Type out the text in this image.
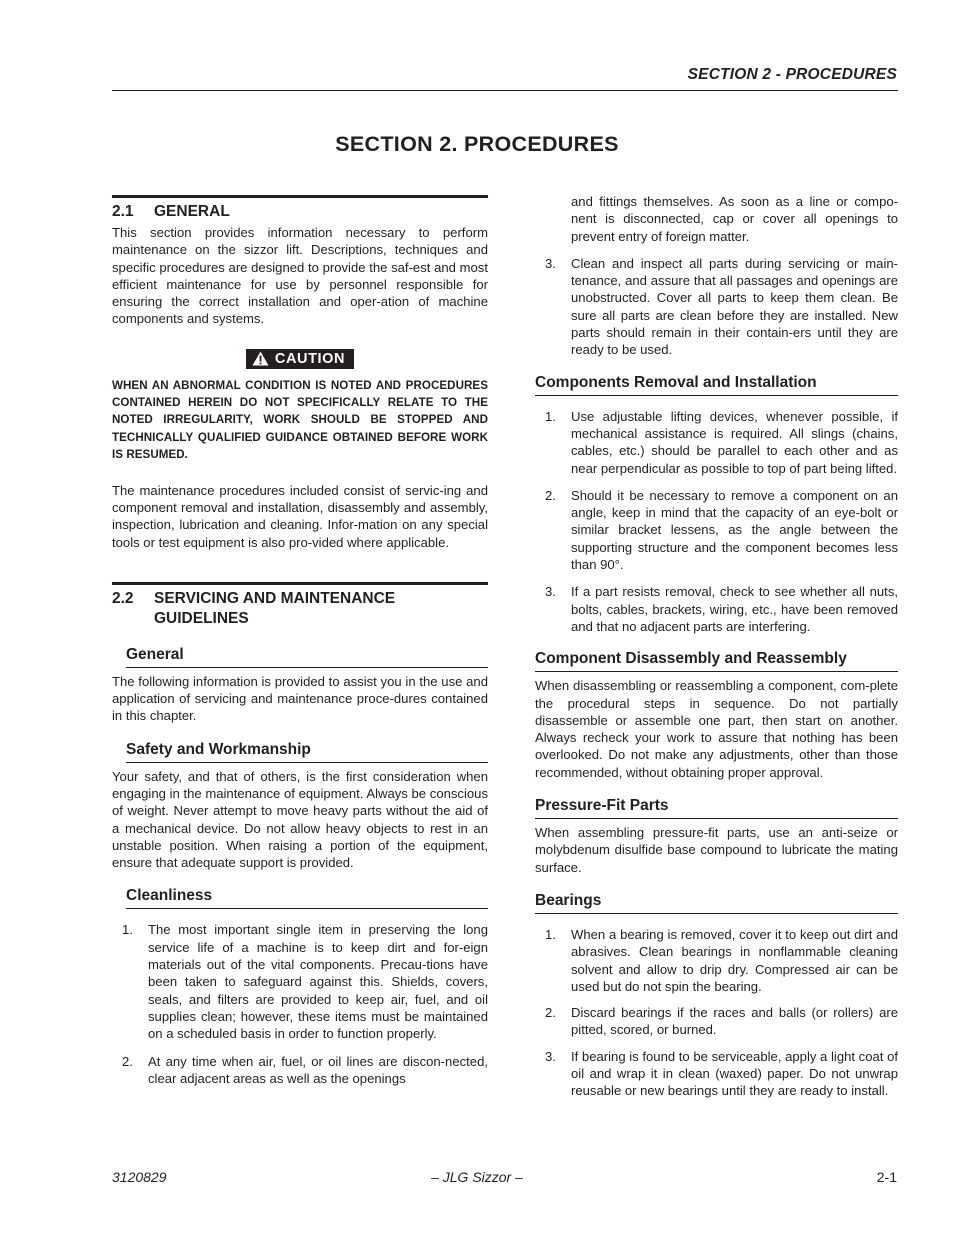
SECTION 2 - PROCEDURES
SECTION 2. PROCEDURES
2.1	GENERAL

This section provides information necessary to perform maintenance on the sizzor lift. Descriptions, techniques and specific procedures are designed to provide the saf-est and most efficient maintenance for use by personnel responsible for ensuring the correct installation and oper-ation of machine components and systems.

CAUTION

WHEN AN ABNORMAL CONDITION IS NOTED AND PROCEDURES CONTAINED HEREIN DO NOT SPECIFICALLY RELATE TO THE NOTED IRREGULARITY, WORK SHOULD BE STOPPED AND TECHNICALLY QUALIFIED GUIDANCE OBTAINED BEFORE WORK IS RESUMED.

The maintenance procedures included consist of servic-ing and component removal and installation, disassembly and assembly, inspection, lubrication and cleaning. Infor-mation on any special tools or test equipment is also pro-vided where applicable.

2.2	SERVICING AND MAINTENANCE GUIDELINES
General

The following information is provided to assist you in the use and application of servicing and maintenance proce-dures contained in this chapter.

Safety and Workmanship

Your safety, and that of others, is the first consideration when engaging in the maintenance of equipment. Always be conscious of weight. Never attempt to move heavy parts without the aid of a mechanical device. Do not allow heavy objects to rest in an unstable position. When raising a portion of the equipment, ensure that adequate support is provided.

Cleanliness
1.	The most important single item in preserving the long service life of a machine is to keep dirt and for-eign materials out of the vital components. Precau-tions have been taken to safeguard against this. Shields, covers, seals, and filters are provided to keep air, fuel, and oil supplies clean; however, these items must be maintained on a scheduled basis in order to function properly.
2.	At any time when air, fuel, or oil lines are discon-nected, clear adjacent areas as well as the openings
and fittings themselves. As soon as a line or compo-nent is disconnected, cap or cover all openings to prevent entry of foreign matter.
3.	Clean and inspect all parts during servicing or main-tenance, and assure that all passages and openings are unobstructed. Cover all parts to keep them clean. Be sure all parts are clean before they are installed. New parts should remain in their contain-ers until they are ready to be used.
Components Removal and Installation
1.	Use adjustable lifting devices, whenever possible, if mechanical assistance is required. All slings (chains, cables, etc.) should be parallel to each other and as near perpendicular as possible to top of part being lifted.
2.	Should it be necessary to remove a component on an angle, keep in mind that the capacity of an eye-bolt or similar bracket lessens, as the angle between the supporting structure and the component becomes less than 90°.
3.	If a part resists removal, check to see whether all nuts, bolts, cables, brackets, wiring, etc., have been removed and that no adjacent parts are interfering.
Component Disassembly and Reassembly

When disassembling or reassembling a component, com-plete the procedural steps in sequence. Do not partially disassemble or assemble one part, then start on another. Always recheck your work to assure that nothing has been overlooked. Do not make any adjustments, other than those recommended, without obtaining proper approval.

Pressure-Fit Parts

When assembling pressure-fit parts, use an anti-seize or molybdenum disulfide base compound to lubricate the mating surface.

Bearings
1.	When a bearing is removed, cover it to keep out dirt and abrasives. Clean bearings in nonflammable cleaning solvent and allow to drip dry. Compressed air can be used but do not spin the bearing.
2.	Discard bearings if the races and balls (or rollers) are pitted, scored, or burned.
3.	If bearing is found to be serviceable, apply a light coat of oil and wrap it in clean (waxed) paper. Do not unwrap reusable or new bearings until they are ready to install.
3120829	– JLG Sizzor –	2-1
